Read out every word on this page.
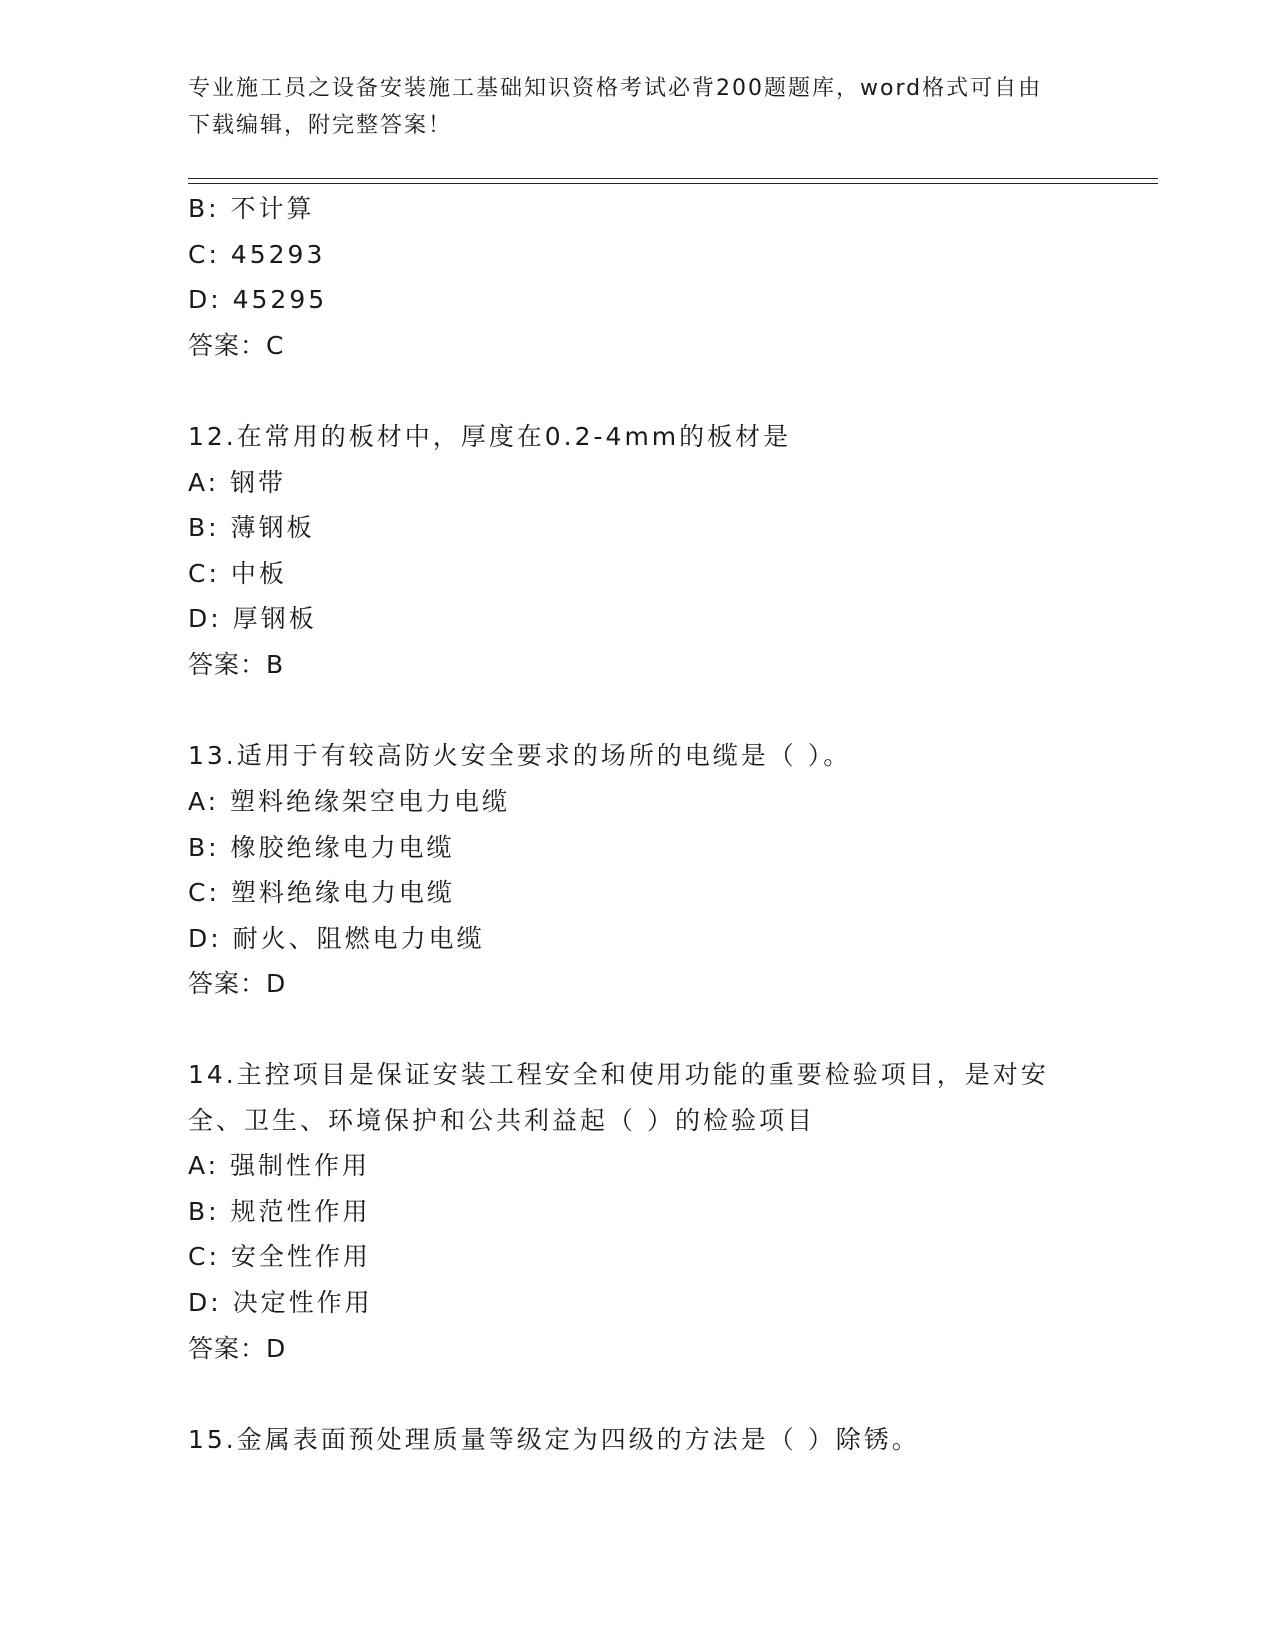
专业施工员之设备安装施工基础知识资格考试必背200题题库，word格式可自由
下载编辑，附完整答案！
B: 不计算
C: 45293
D: 45295
答案：C
12.在常用的板材中，厚度在0.2-4mm的板材是
A: 钢带
B: 薄钢板
C: 中板
D: 厚钢板
答案：B
13.适用于有较高防火安全要求的场所的电缆是（ ）。
A: 塑料绝缘架空电力电缆
B: 橡胶绝缘电力电缆
C: 塑料绝缘电力电缆
D: 耐火、阻燃电力电缆
答案：D
14.主控项目是保证安装工程安全和使用功能的重要检验项目，是对安
全、卫生、环境保护和公共利益起（ ）的检验项目
A: 强制性作用
B: 规范性作用
C: 安全性作用
D: 决定性作用
答案：D
15.金属表面预处理质量等级定为四级的方法是（ ）除锈。
